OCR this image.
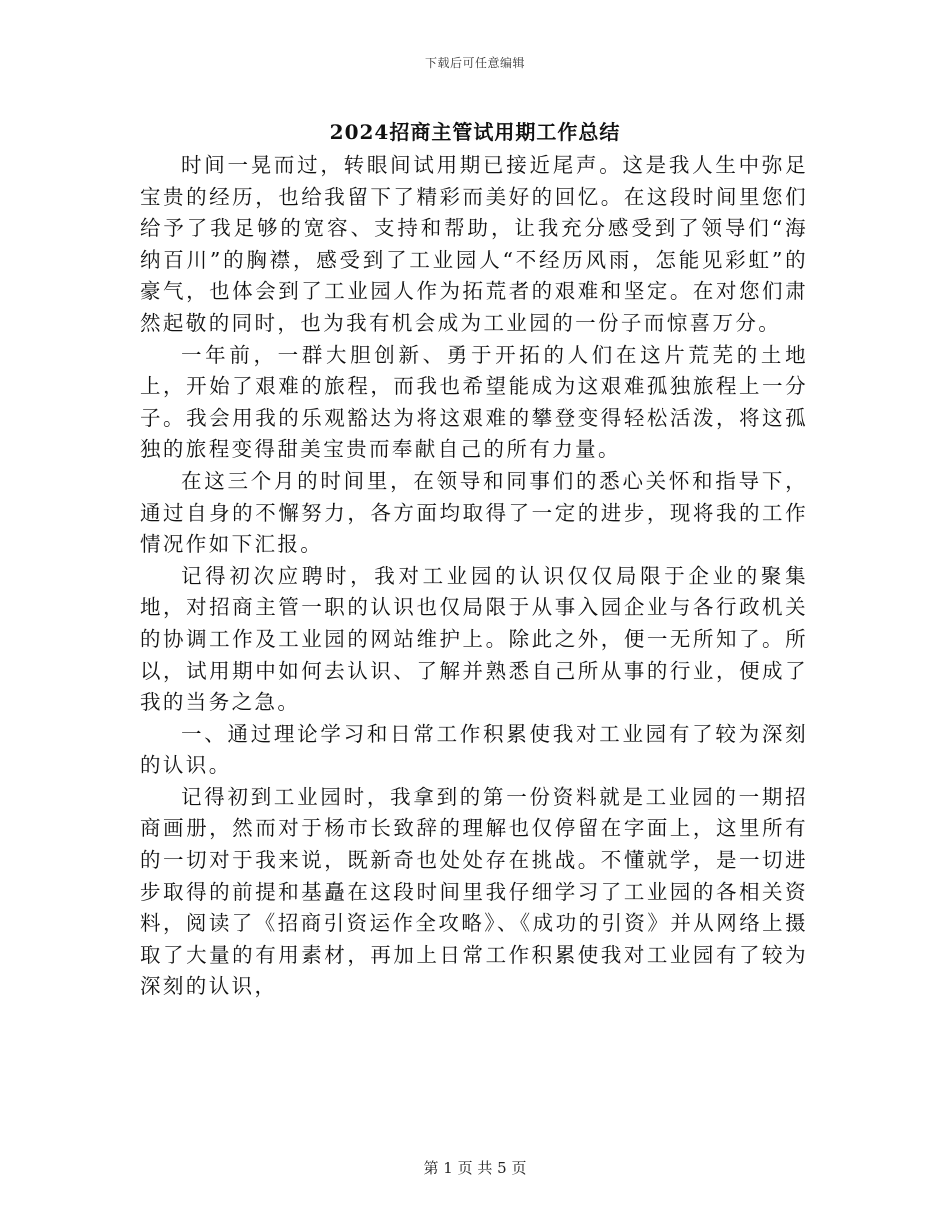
下载后可任意编辑
2024招商主管试用期工作总结

时间一晃而过，转眼间试用期已接近尾声。这是我人生中弥足宝贵的经历，也给我留下了精彩而美好的回忆。在这段时间里您们给予了我足够的宽容、支持和帮助，让我充分感受到了领导们“海纳百川”的胸襟，感受到了工业园人“不经历风雨，怎能见彩虹”的豪气，也体会到了工业园人作为拓荒者的艰难和坚定。在对您们肃然起敬的同时，也为我有机会成为工业园的一份子而惊喜万分。

一年前，一群大胆创新、勇于开拓的人们在这片荒芜的土地上，开始了艰难的旅程，而我也希望能成为这艰难孤独旅程上一分子。我会用我的乐观豁达为将这艰难的攀登变得轻松活泼，将这孤独的旅程变得甜美宝贵而奉献自己的所有力量。

在这三个月的时间里，在领导和同事们的悉心关怀和指导下，通过自身的不懈努力，各方面均取得了一定的进步，现将我的工作情况作如下汇报。

记得初次应聘时，我对工业园的认识仅仅局限于企业的聚集地，对招商主管一职的认识也仅局限于从事入园企业与各行政机关的协调工作及工业园的网站维护上。除此之外，便一无所知了。所以，试用期中如何去认识、了解并熟悉自己所从事的行业，便成了我的当务之急。

一、通过理论学习和日常工作积累使我对工业园有了较为深刻的认识。

记得初到工业园时，我拿到的第一份资料就是工业园的一期招商画册，然而对于杨市长致辞的理解也仅停留在字面上，这里所有的一切对于我来说，既新奇也处处存在挑战。不懂就学，是一切进步取得的前提和基矗在这段时间里我仔细学习了工业园的各相关资料，阅读了《招商引资运作全攻略》、《成功的引资》并从网络上摄取了大量的有用素材，再加上日常工作积累使我对工业园有了较为深刻的认识，

第 1 页 共 5 页
